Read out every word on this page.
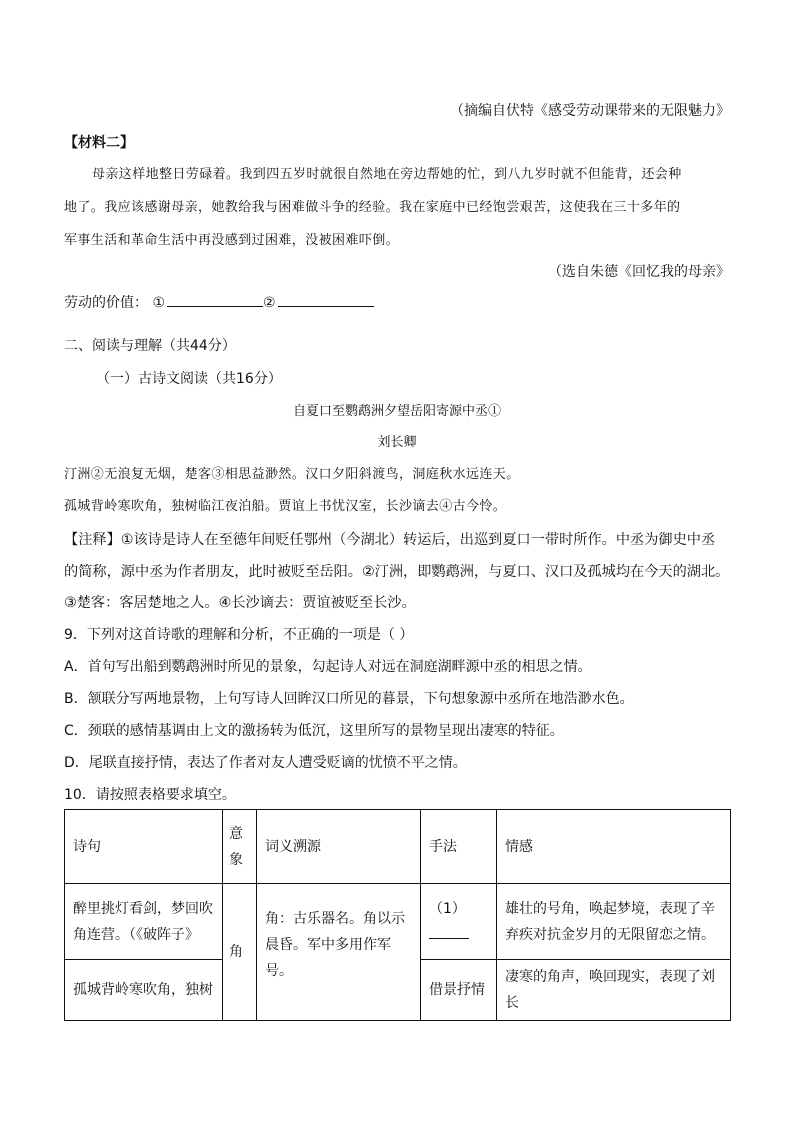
（摘编自伏特《感受劳动课带来的无限魅力》
【材料二】
母亲这样地整日劳碌着。我到四五岁时就很自然地在旁边帮她的忙，到八九岁时就不但能背，还会种
地了。我应该感谢母亲，她教给我与困难做斗争的经验。我在家庭中已经饱尝艰苦，这使我在三十多年的
军事生活和革命生活中再没感到过困难，没被困难吓倒。
（选自朱德《回忆我的母亲》
劳动的价值： ①	②
二、阅读与理解（共44分）
（一）古诗文阅读（共16分）
自夏口至鹦鹉洲夕望岳阳寄源中丞①
刘长卿
汀洲②无浪复无烟，楚客③相思益渺然。汉口夕阳斜渡鸟，洞庭秋水远连天。
孤城背岭寒吹角，独树临江夜泊船。贾谊上书忧汉室，长沙谪去④古今怜。
【注释】①该诗是诗人在至德年间贬任鄂州（今湖北）转运后，出巡到夏口一带时所作。中丞为御史中丞
的简称，源中丞为作者朋友，此时被贬至岳阳。②汀洲，即鹦鹉洲，与夏口、汉口及孤城均在今天的湖北。
③楚客：客居楚地之人。④长沙谪去：贾谊被贬至长沙。
9．下列对这首诗歌的理解和分析，不正确的一项是（ ）
A．首句写出船到鹦鹉洲时所见的景象，勾起诗人对远在洞庭湖畔源中丞的相思之情。
B．颔联分写两地景物，上句写诗人回眸汉口所见的暮景，下句想象源中丞所在地浩渺水色。
C．颈联的感情基调由上文的激扬转为低沉，这里所写的景物呈现出凄寒的特征。
D．尾联直接抒情，表达了作者对友人遭受贬谪的忧愤不平之情。
10．请按照表格要求填空。
诗句	意象	词义溯源	手法	情感
醉里挑灯看剑，梦回吹角连营。（《破阵子》	角	角：古乐器名。角以示晨昏。军中多用作军号。	（1）	雄壮的号角，唤起梦境，表现了辛弃疾对抗金岁月的无限留恋之情。
孤城背岭寒吹角，独树			借景抒情	凄寒的角声，唤回现实，表现了刘长
